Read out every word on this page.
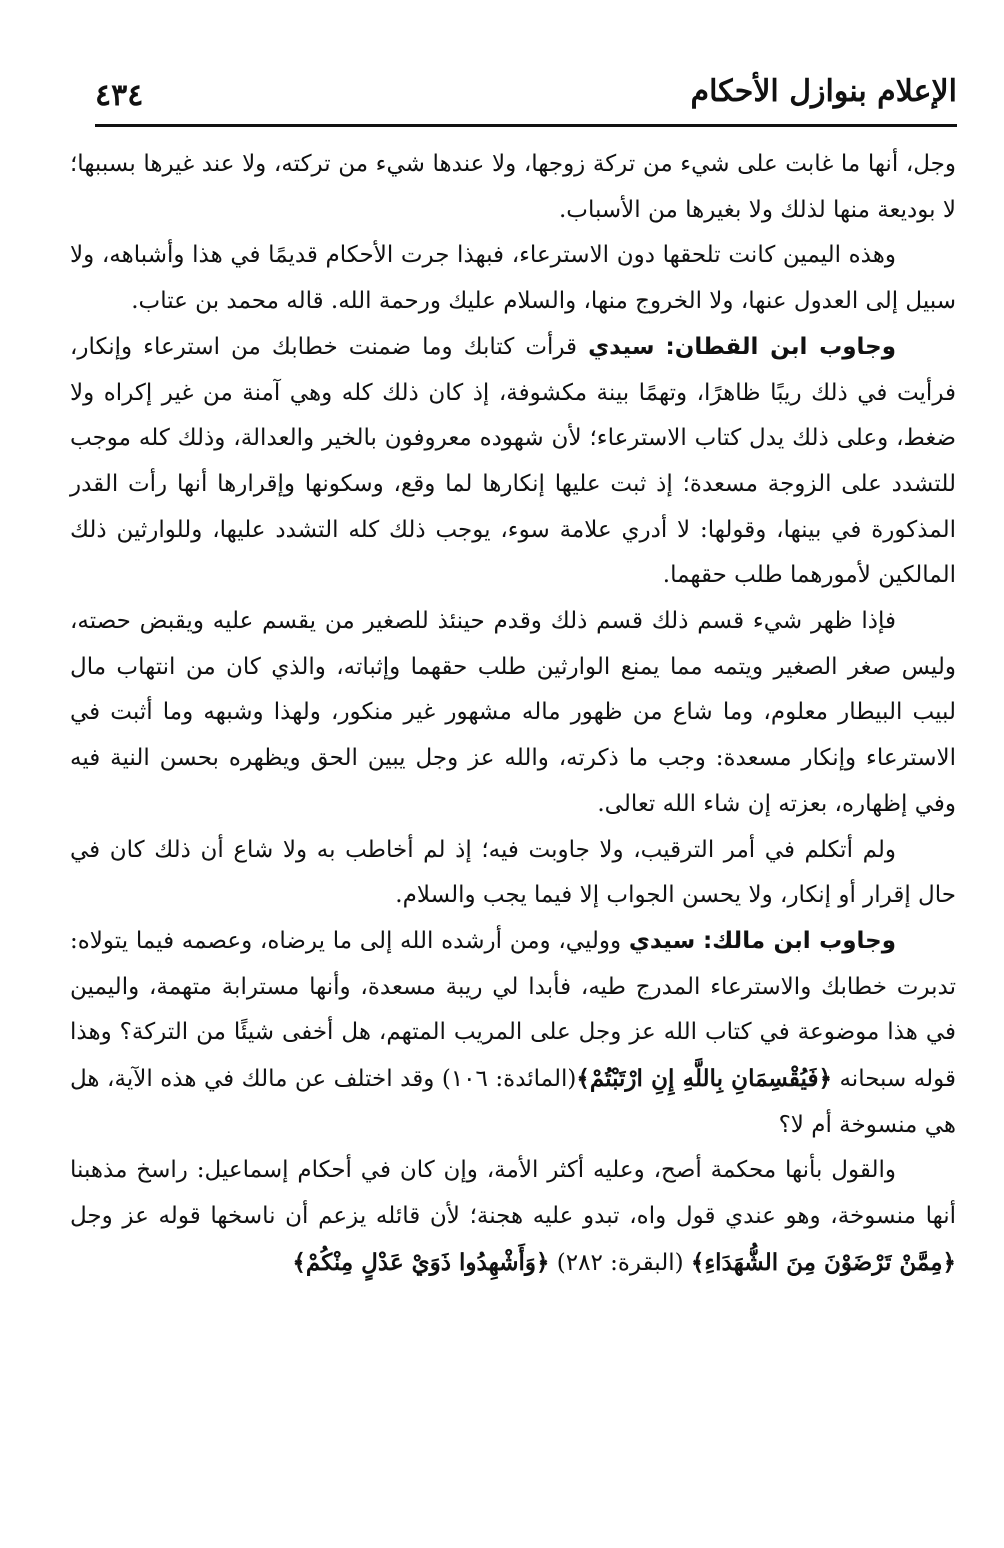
الإعلام بنوازل الأحكام
٤٣٤

وجل، أنها ما غابت على شيء من تركة زوجها، ولا عندها شيء من تركته، ولا عند غيرها بسببها؛ لا بوديعة منها لذلك ولا بغيرها من الأسباب.

وهذه اليمين كانت تلحقها دون الاسترعاء، فبهذا جرت الأحكام قديمًا في هذا وأشباهه، ولا سبيل إلى العدول عنها، ولا الخروج منها، والسلام عليك ورحمة الله. قاله محمد بن عتاب.

وجاوب ابن القطان: سيدي قرأت كتابك وما ضمنت خطابك من استرعاء وإنكار، فرأيت في ذلك ريبًا ظاهرًا، وتهمًا بينة مكشوفة، إذ كان ذلك كله وهي آمنة من غير إكراه ولا ضغط، وعلى ذلك يدل كتاب الاسترعاء؛ لأن شهوده معروفون بالخير والعدالة، وذلك كله موجب للتشدد على الزوجة مسعدة؛ إذ ثبت عليها إنكارها لما وقع، وسكونها وإقرارها أنها رأت القدر المذكورة في بينها، وقولها: لا أدري علامة سوء، يوجب ذلك كله التشدد عليها، وللوارثين ذلك المالكين لأمورهما طلب حقهما.

فإذا ظهر شيء قسم ذلك قسم ذلك وقدم حينئذ للصغير من يقسم عليه ويقبض حصته، وليس صغر الصغير ويتمه مما يمنع الوارثين طلب حقهما وإثباته، والذي كان من انتهاب مال لبيب البيطار معلوم، وما شاع من ظهور ماله مشهور غير منكور، ولهذا وشبهه وما أثبت في الاسترعاء وإنكار مسعدة: وجب ما ذكرته، والله عز وجل يبين الحق ويظهره بحسن النية فيه وفي إظهاره، بعزته إن شاء الله تعالى.

ولم أتكلم في أمر الترقيب، ولا جاوبت فيه؛ إذ لم أخاطب به ولا شاع أن ذلك كان في حال إقرار أو إنكار، ولا يحسن الجواب إلا فيما يجب والسلام.

وجاوب ابن مالك: سيدي ووليي، ومن أرشده الله إلى ما يرضاه، وعصمه فيما يتولاه: تدبرت خطابك والاسترعاء المدرج طيه، فأبدا لي ريبة مسعدة، وأنها مسترابة متهمة، واليمين في هذا موضوعة في كتاب الله عز وجل على المريب المتهم، هل أخفى شيئًا من التركة؟ وهذا قوله سبحانه ﴿فَيُقْسِمَانِ بِاللَّهِ إِنِ ارْتَبْتُمْ﴾(المائدة: ١٠٦) وقد اختلف عن مالك في هذه الآية، هل هي منسوخة أم لا؟

والقول بأنها محكمة أصح، وعليه أكثر الأمة، وإن كان في أحكام إسماعيل: راسخ مذهبنا أنها منسوخة، وهو عندي قول واه، تبدو عليه هجنة؛ لأن قائله يزعم أن ناسخها قوله عز وجل ﴿مِمَّنْ تَرْضَوْنَ مِنَ الشُّهَدَاءِ﴾ (البقرة: ٢٨٢) ﴿وَأَشْهِدُوا ذَوَيْ عَدْلٍ مِنْكُمْ﴾
